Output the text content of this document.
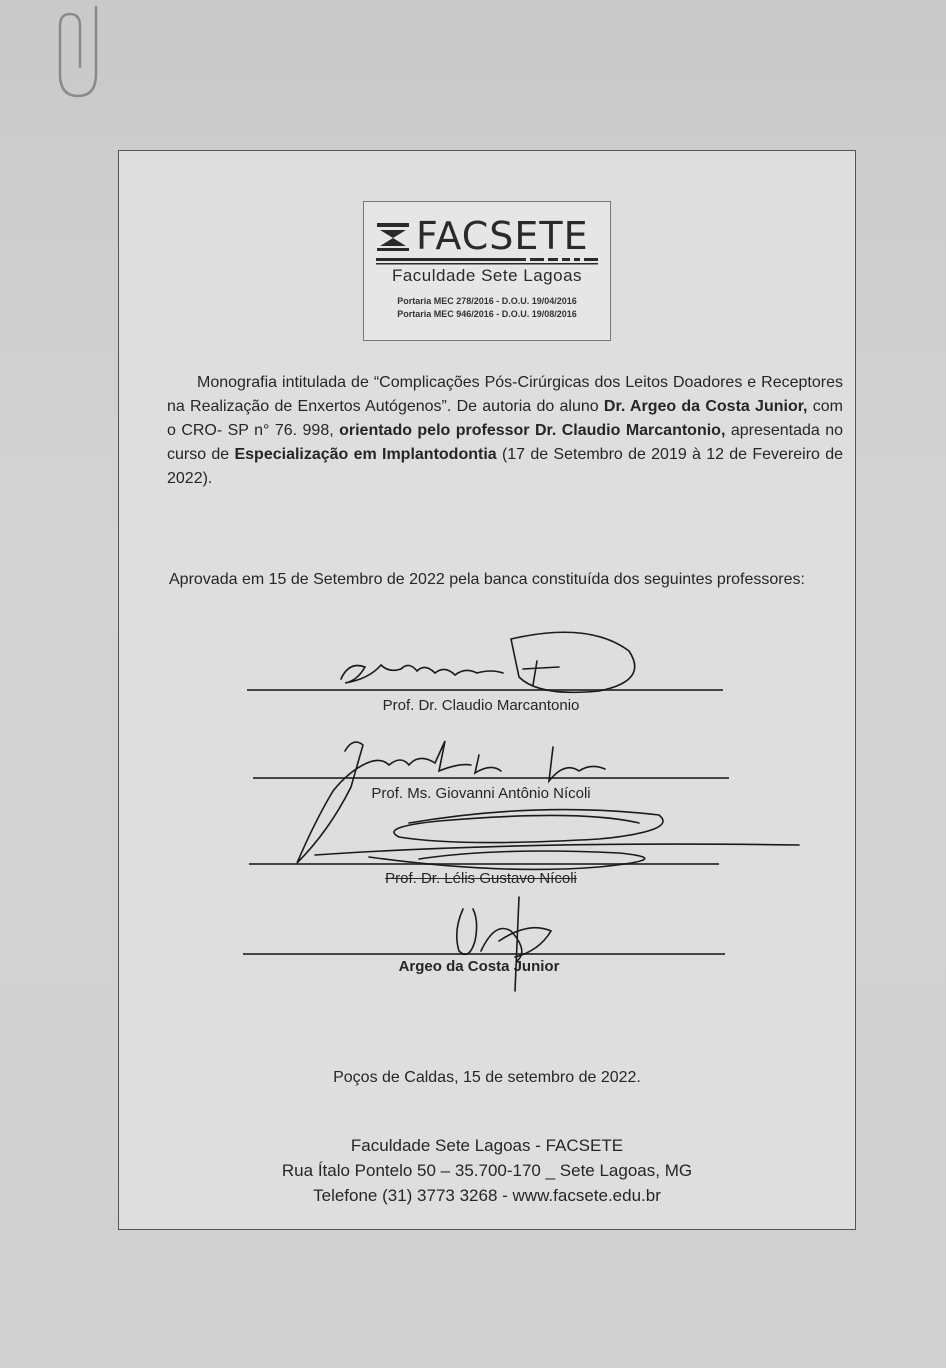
FACSETE
Faculdade Sete Lagoas
Portaria MEC 278/2016 - D.O.U. 19/04/2016
Portaria MEC 946/2016 - D.O.U. 19/08/2016
Monografia intitulada de “Complicações Pós-Cirúrgicas dos Leitos Doadores e Receptores na Realização de Enxertos Autógenos”. De autoria do aluno Dr. Argeo da Costa Junior, com o CRO- SP n° 76. 998, orientado pelo professor Dr. Claudio Marcantonio, apresentada no curso de Especialização em Implantodontia (17 de Setembro de 2019 à 12 de Fevereiro de 2022).
Aprovada em 15 de Setembro de 2022 pela banca constituída dos seguintes professores:
Prof. Dr. Claudio Marcantonio
Prof. Ms. Giovanni Antônio Nícoli
Prof. Dr. Lélis Gustavo Nícoli
Argeo da Costa Junior
Poços de Caldas, 15 de setembro de 2022.
Faculdade Sete Lagoas - FACSETE
Rua Ítalo Pontelo 50 – 35.700-170 _ Sete Lagoas, MG
Telefone (31) 3773 3268 - www.facsete.edu.br
